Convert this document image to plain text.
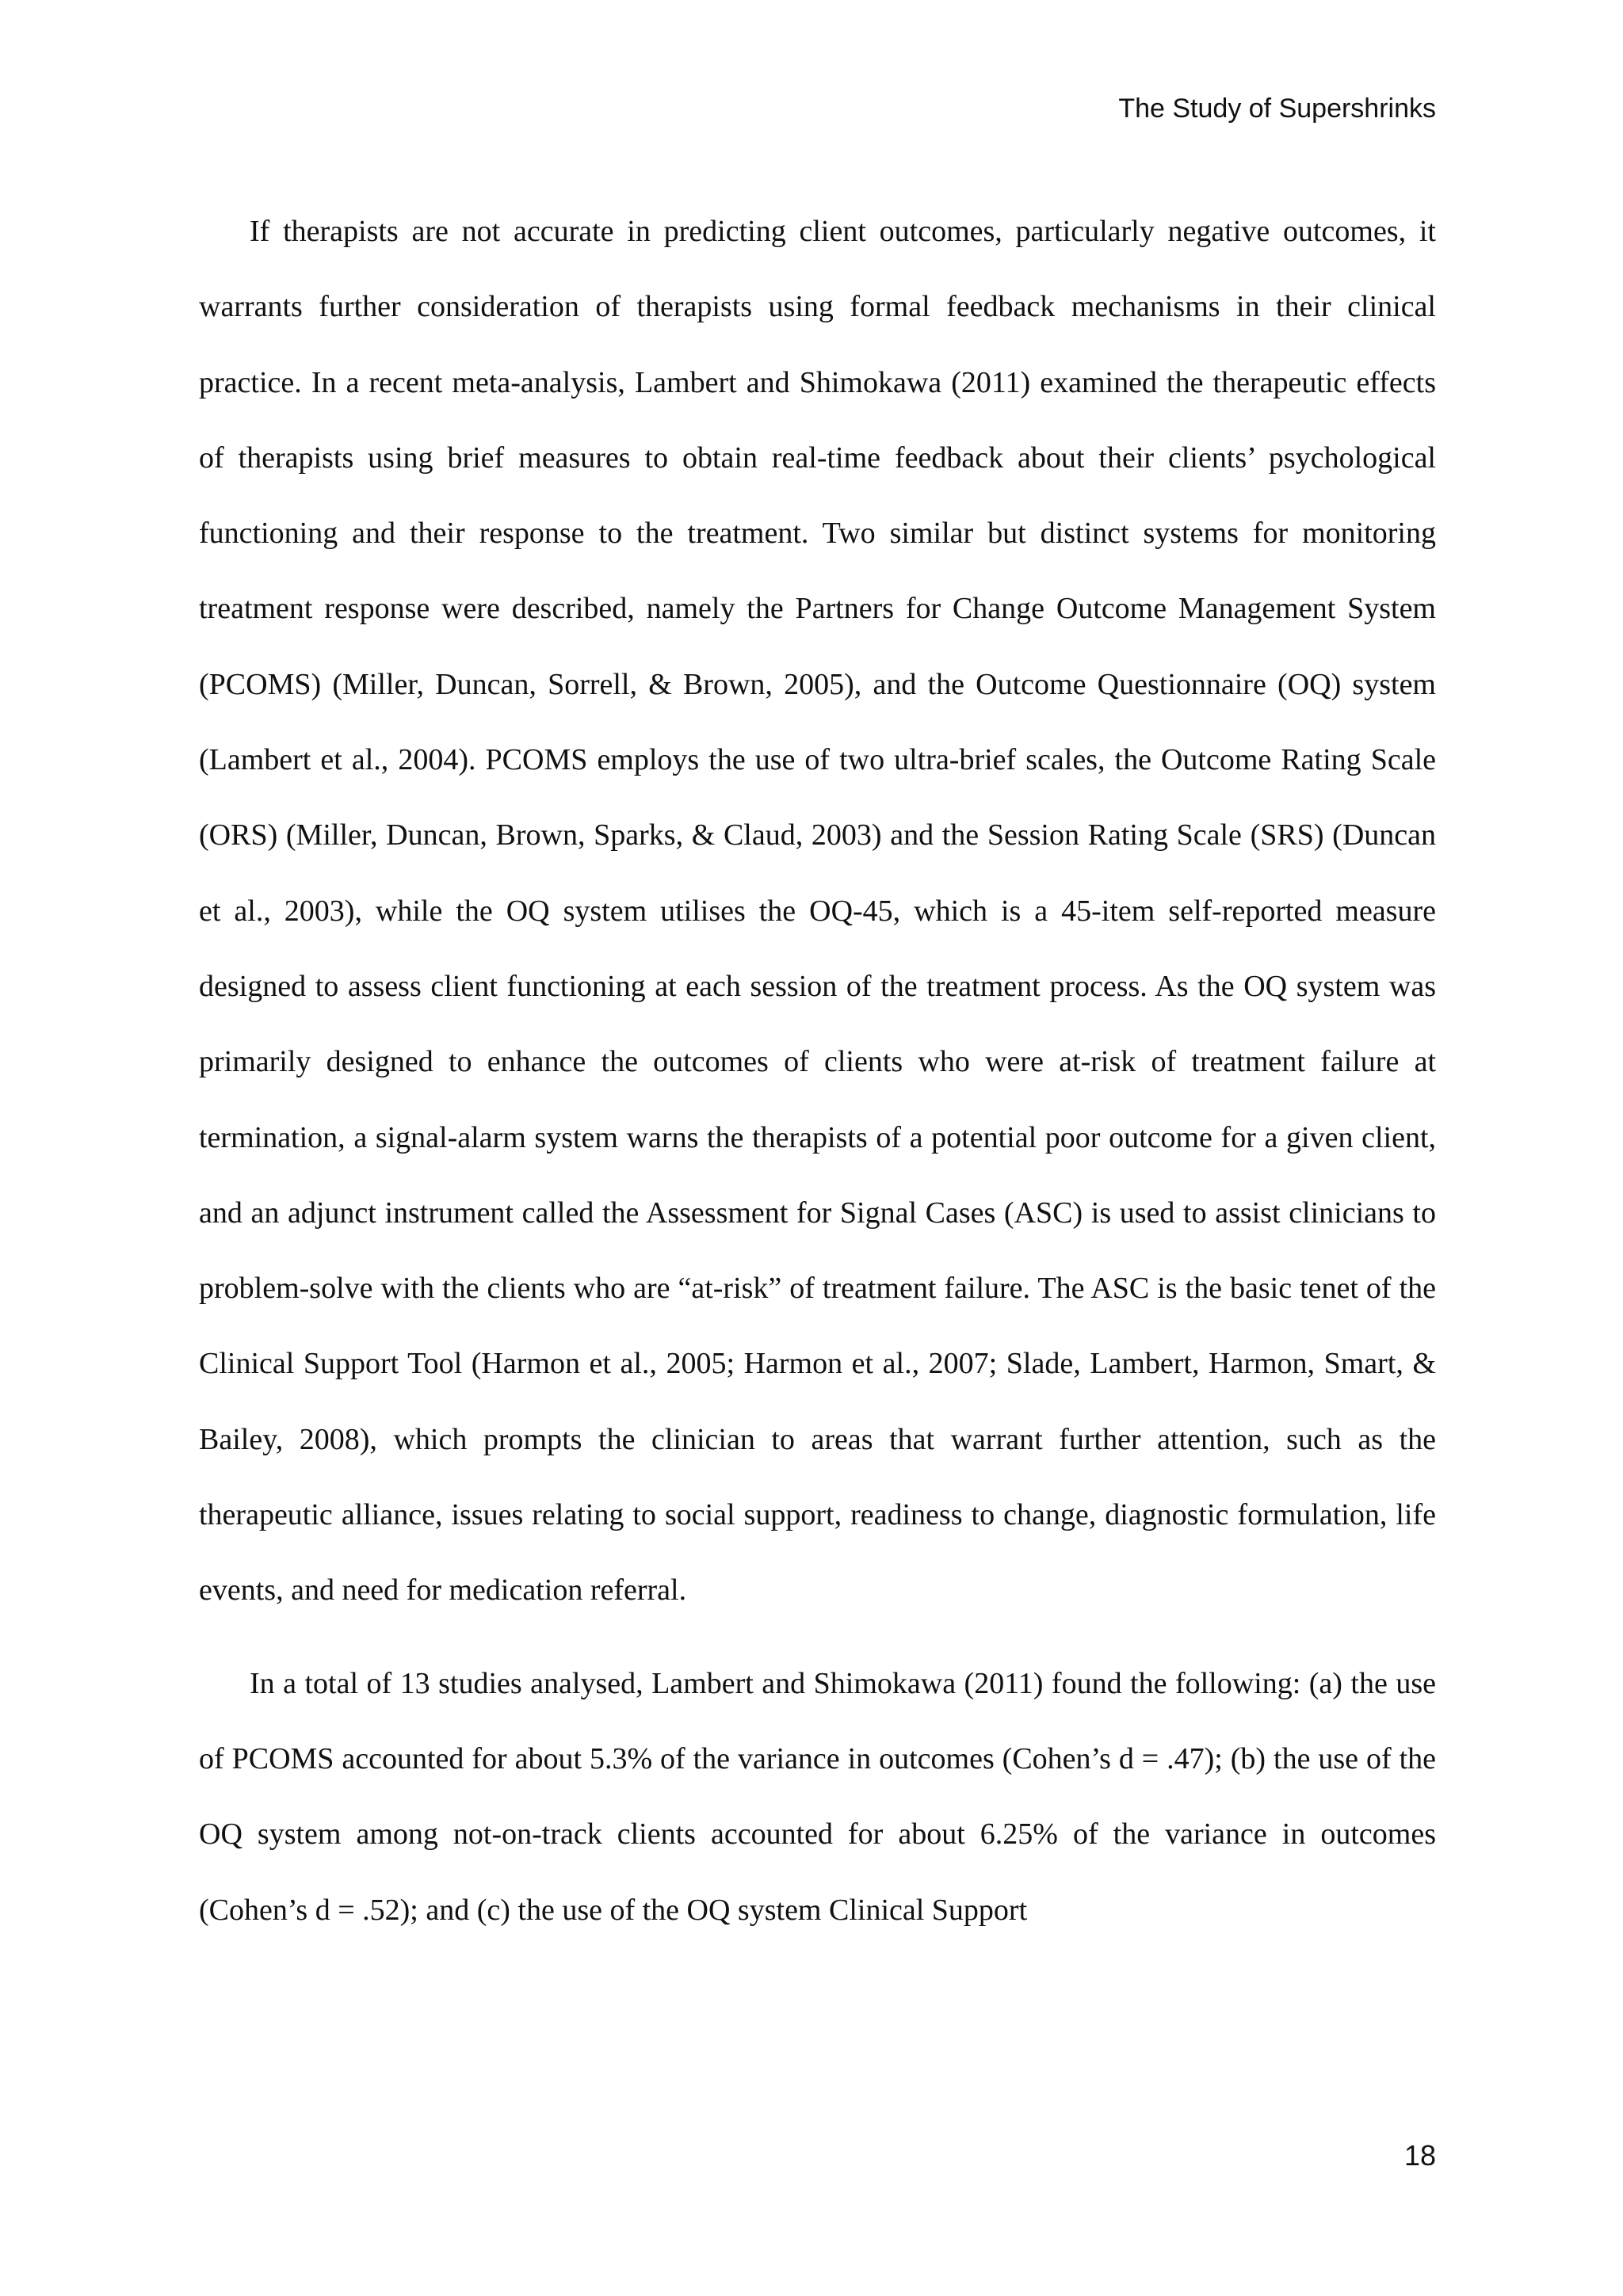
The Study of Supershrinks

If therapists are not accurate in predicting client outcomes, particularly negative outcomes, it warrants further consideration of therapists using formal feedback mechanisms in their clinical practice. In a recent meta-analysis, Lambert and Shimokawa (2011) examined the therapeutic effects of therapists using brief measures to obtain real-time feedback about their clients’ psychological functioning and their response to the treatment. Two similar but distinct systems for monitoring treatment response were described, namely the Partners for Change Outcome Management System (PCOMS) (Miller, Duncan, Sorrell, & Brown, 2005), and the Outcome Questionnaire (OQ) system (Lambert et al., 2004). PCOMS employs the use of two ultra-brief scales, the Outcome Rating Scale (ORS) (Miller, Duncan, Brown, Sparks, & Claud, 2003) and the Session Rating Scale (SRS) (Duncan et al., 2003), while the OQ system utilises the OQ-45, which is a 45-item self-reported measure designed to assess client functioning at each session of the treatment process. As the OQ system was primarily designed to enhance the outcomes of clients who were at-risk of treatment failure at termination, a signal-alarm system warns the therapists of a potential poor outcome for a given client, and an adjunct instrument called the Assessment for Signal Cases (ASC) is used to assist clinicians to problem-solve with the clients who are “at-risk” of treatment failure. The ASC is the basic tenet of the Clinical Support Tool (Harmon et al., 2005; Harmon et al., 2007; Slade, Lambert, Harmon, Smart, & Bailey, 2008), which prompts the clinician to areas that warrant further attention, such as the therapeutic alliance, issues relating to social support, readiness to change, diagnostic formulation, life events, and need for medication referral.

In a total of 13 studies analysed, Lambert and Shimokawa (2011) found the following: (a) the use of PCOMS accounted for about 5.3% of the variance in outcomes (Cohen’s d = .47); (b) the use of the OQ system among not-on-track clients accounted for about 6.25% of the variance in outcomes (Cohen’s d = .52); and (c) the use of the OQ system Clinical Support

18
